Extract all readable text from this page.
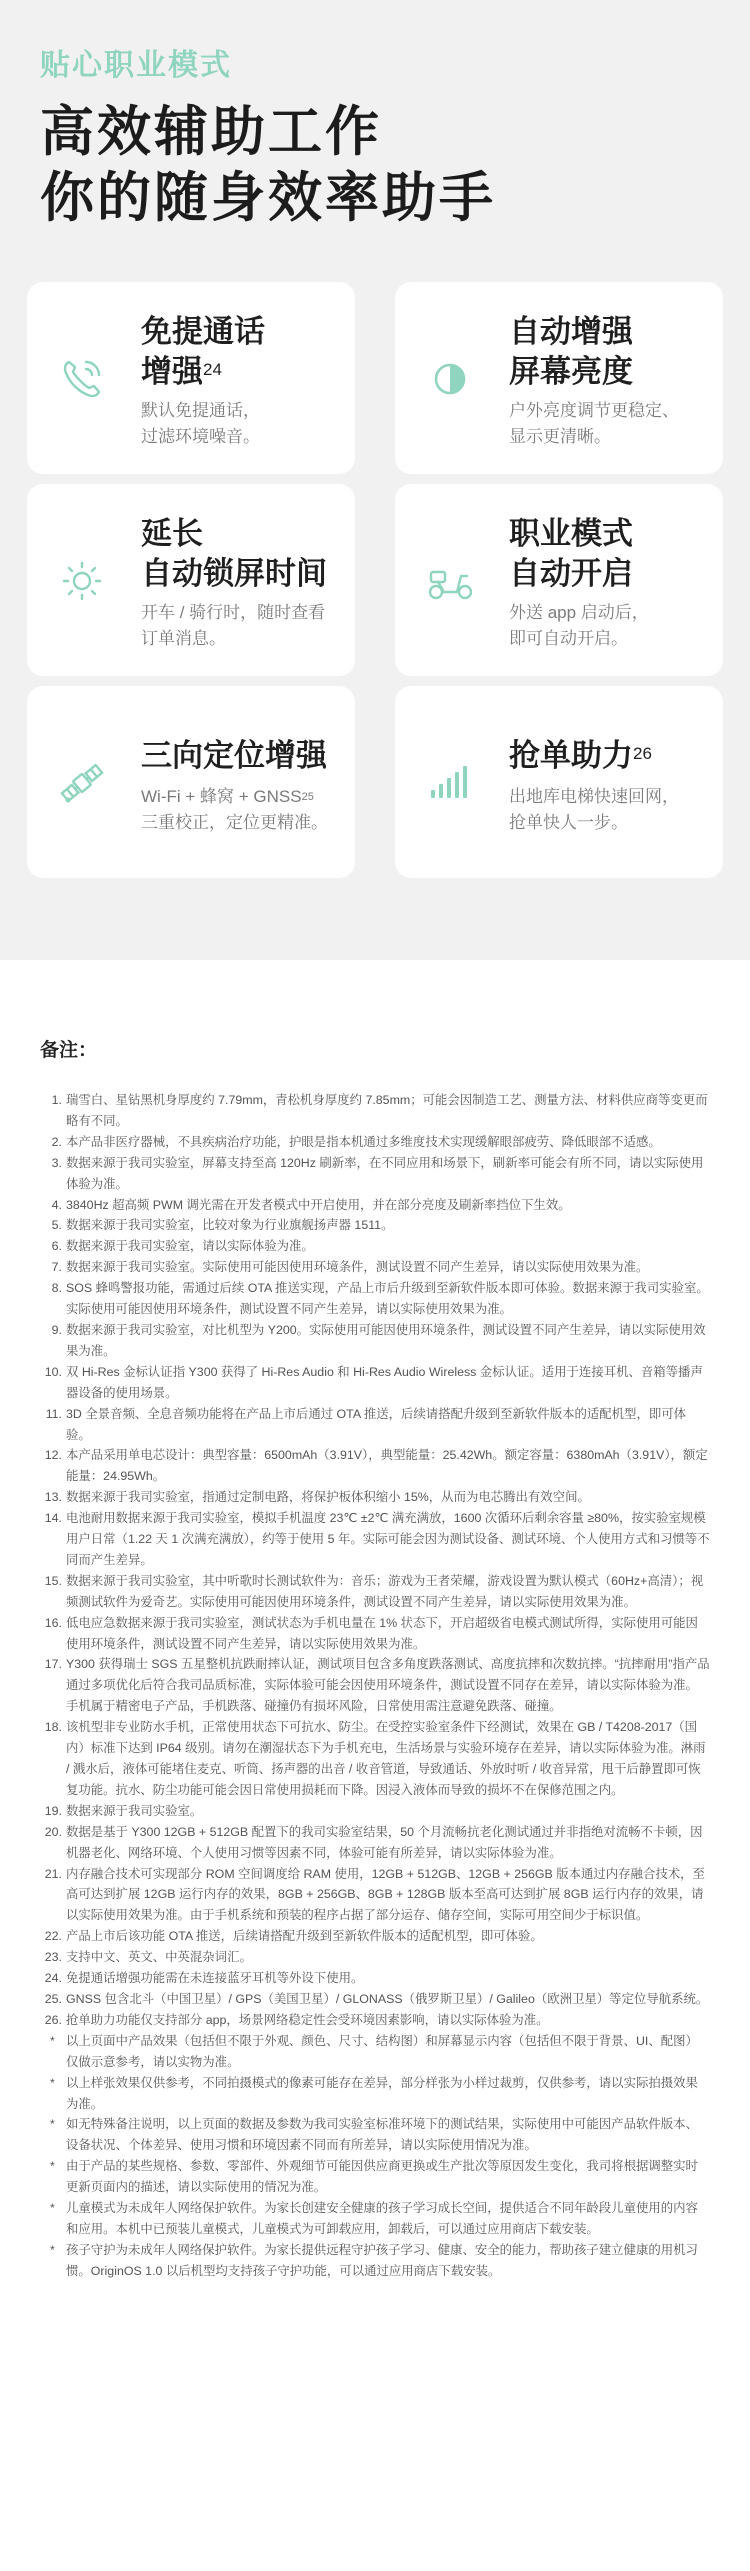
贴心职业模式
高效辅助工作
你的随身效率助手
免提通话
增强$^{24}$
默认免提通话，
过滤环境噪音。
自动增强
屏幕亮度
户外亮度调节更稳定、
显示更清晰。
延长
自动锁屏时间
开车 / 骑行时，随时查看
订单消息。
职业模式
自动开启
外送 app 启动后，
即可自动开启。
三向定位增强
Wi-Fi + 蜂窝 + $GNSS^{25}$
三重校正，定位更精准。
抢单助力$^{26}$
出地库电梯快速回网，
抢单快人一步。
备注：
1. 瑞雪白、星钻黑机身厚度约 7.79mm，青松机身厚度约 7.85mm；可能会因制造工艺、测量方法、材料供应商等变更而略有不同。
2. 本产品非医疗器械，不具疾病治疗功能，护眼是指本机通过多维度技术实现缓解眼部疲劳、降低眼部不适感。
3. 数据来源于我司实验室，屏幕支持至高 120Hz 刷新率，在不同应用和场景下，刷新率可能会有所不同，请以实际使用体验为准。
4. 3840Hz 超高频 PWM 调光需在开发者模式中开启使用，并在部分亮度及刷新率挡位下生效。
5. 数据来源于我司实验室，比较对象为行业旗舰扬声器 1511。
6. 数据来源于我司实验室，请以实际体验为准。
7. 数据来源于我司实验室。实际使用可能因使用环境条件，测试设置不同产生差异，请以实际使用效果为准。
8. SOS 蜂鸣警报功能，需通过后续 OTA 推送实现，产品上市后升级到至新软件版本即可体验。数据来源于我司实验室。实际使用可能因使用环境条件，测试设置不同产生差异，请以实际使用效果为准。
9. 数据来源于我司实验室，对比机型为 Y200。实际使用可能因使用环境条件，测试设置不同产生差异，请以实际使用效果为准。
10. 双 Hi-Res 金标认证指 Y300 获得了 Hi-Res Audio 和 Hi-Res Audio Wireless 金标认证。适用于连接耳机、音箱等播声器设备的使用场景。
11. 3D 全景音频、全息音频功能将在产品上市后通过 OTA 推送，后续请搭配升级到至新软件版本的适配机型，即可体验。
12. 本产品采用单电芯设计：典型容量：6500mAh（3.91V），典型能量：25.42Wh。额定容量：6380mAh（3.91V），额定能量：24.95Wh。
13. 数据来源于我司实验室，指通过定制电路，将保护板体积缩小 15%，从而为电芯腾出有效空间。
14. 电池耐用数据来源于我司实验室，模拟手机温度 23℃ ±2℃ 满充满放，1600 次循环后剩余容量 ≥80%，按实验室规模用户日常（1.22 天 1 次满充满放），约等于使用 5 年。实际可能会因为测试设备、测试环境、个人使用方式和习惯等不同而产生差异。
15. 数据来源于我司实验室，其中听歌时长测试软件为：音乐；游戏为王者荣耀，游戏设置为默认模式（60Hz+高清）；视频测试软件为爱奇艺。实际使用可能因使用环境条件，测试设置不同产生差异，请以实际使用效果为准。
16. 低电应急数据来源于我司实验室，测试状态为手机电量在 1% 状态下，开启超级省电模式测试所得，实际使用可能因使用环境条件，测试设置不同产生差异，请以实际使用效果为准。
17. Y300 获得瑞士 SGS 五星整机抗跌耐摔认证，测试项目包含多角度跌落测试、高度抗摔和次数抗摔。“抗摔耐用”指产品通过多项优化后符合我司品质标准，实际体验可能会因使用环境条件，测试设置不同存在差异，请以实际体验为准。手机属于精密电子产品，手机跌落、碰撞仍有损坏风险，日常使用需注意避免跌落、碰撞。
18. 该机型非专业防水手机，正常使用状态下可抗水、防尘。在受控实验室条件下经测试，效果在 GB / T4208-2017（国内）标准下达到 IP64 级别。请勿在潮湿状态下为手机充电，生活场景与实验环境存在差异，请以实际体验为准。淋雨 / 溅水后，液体可能堵住麦克、听筒、扬声器的出音 / 收音管道，导致通话、外放时听 / 收音异常，甩干后静置即可恢复功能。抗水、防尘功能可能会因日常使用损耗而下降。因浸入液体而导致的损坏不在保修范围之内。
19. 数据来源于我司实验室。
20. 数据是基于 Y300 12GB + 512GB 配置下的我司实验室结果，50 个月流畅抗老化测试通过并非指绝对流畅不卡顿，因机器老化、网络环境、个人使用习惯等因素不同，体验可能有所差异，请以实际体验为准。
21. 内存融合技术可实现部分 ROM 空间调度给 RAM 使用，12GB + 512GB、12GB + 256GB 版本通过内存融合技术，至高可达到扩展 12GB 运行内存的效果，8GB + 256GB、8GB + 128GB 版本至高可达到扩展 8GB 运行内存的效果，请以实际使用效果为准。由于手机系统和预装的程序占据了部分运存、储存空间，实际可用空间少于标识值。
22. 产品上市后该功能 OTA 推送，后续请搭配升级到至新软件版本的适配机型，即可体验。
23. 支持中文、英文、中英混杂词汇。
24. 免提通话增强功能需在未连接蓝牙耳机等外设下使用。
25. GNSS 包含北斗（中国卫星）/ GPS（美国卫星）/ GLONASS（俄罗斯卫星）/ Galileo（欧洲卫星）等定位导航系统。
26. 抢单助力功能仅支持部分 app，场景网络稳定性会受环境因素影响，请以实际体验为准。
* 以上页面中产品效果（包括但不限于外观、颜色、尺寸、结构图）和屏幕显示内容（包括但不限于背景、UI、配图）仅做示意参考，请以实物为准。
* 以上样张效果仅供参考，不同拍摄模式的像素可能存在差异，部分样张为小样过裁剪，仅供参考，请以实际拍摄效果为准。
* 如无特殊备注说明，以上页面的数据及参数为我司实验室标准环境下的测试结果，实际使用中可能因产品软件版本、设备状况、个体差异、使用习惯和环境因素不同而有所差异，请以实际使用情况为准。
* 由于产品的某些规格、参数、零部件、外观细节可能因供应商更换或生产批次等原因发生变化，我司将根据调整实时更新页面内的描述，请以实际使用的情况为准。
* 儿童模式为未成年人网络保护软件。为家长创建安全健康的孩子学习成长空间，提供适合不同年龄段儿童使用的内容和应用。本机中已预装儿童模式，儿童模式为可卸载应用，卸载后，可以通过应用商店下载安装。
* 孩子守护为未成年人网络保护软件。为家长提供远程守护孩子学习、健康、安全的能力，帮助孩子建立健康的用机习惯。OriginOS 1.0 以后机型均支持孩子守护功能，可以通过应用商店下载安装。
